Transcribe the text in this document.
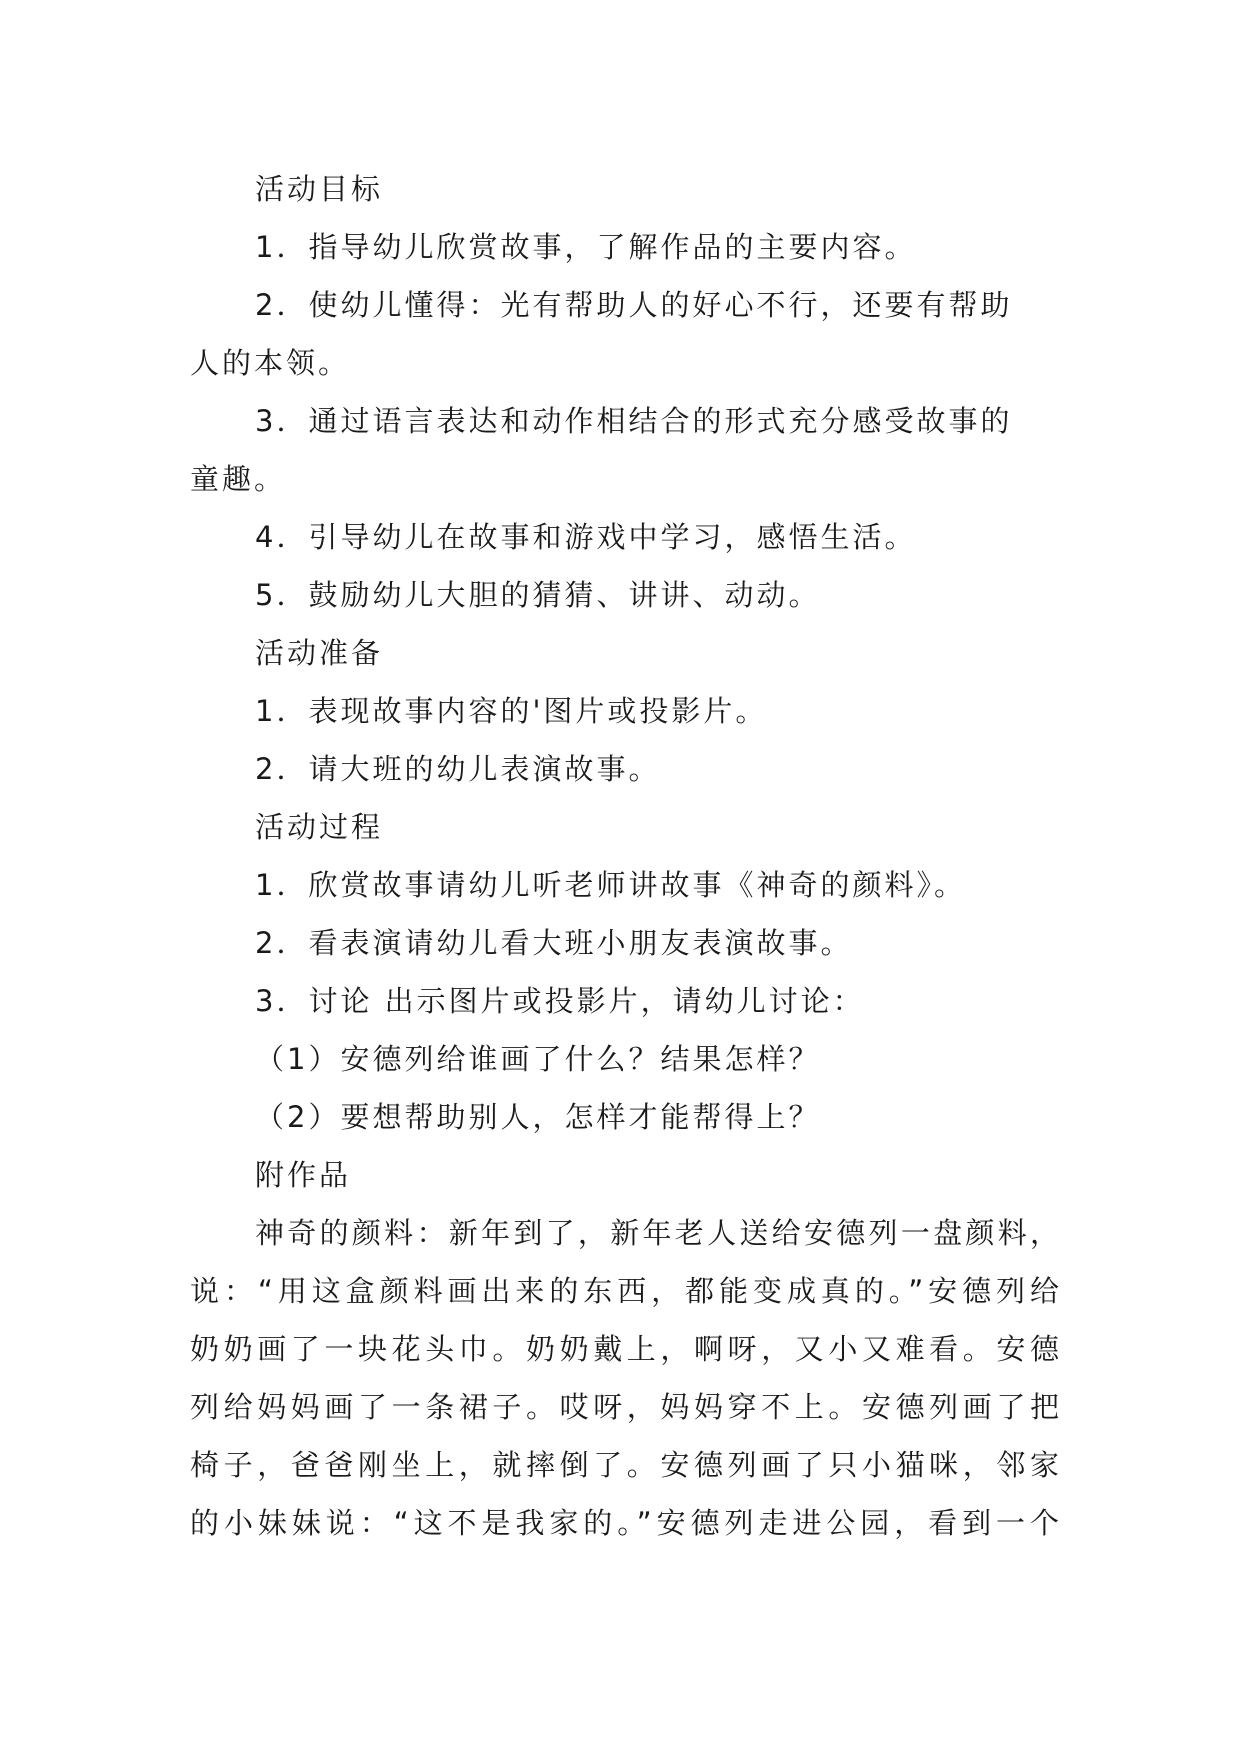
活动目标
1．指导幼儿欣赏故事，了解作品的主要内容。
2．使幼儿懂得：光有帮助人的好心不行，还要有帮助
人的本领。
3．通过语言表达和动作相结合的形式充分感受故事的
童趣。
4．引导幼儿在故事和游戏中学习，感悟生活。
5．鼓励幼儿大胆的猜猜、讲讲、动动。
活动准备
1．表现故事内容的'图片或投影片。
2．请大班的幼儿表演故事。
活动过程
1．欣赏故事请幼儿听老师讲故事《神奇的颜料》。
2．看表演请幼儿看大班小朋友表演故事。
3．讨论 出示图片或投影片，请幼儿讨论：
（1）安德列给谁画了什么？结果怎样？
（2）要想帮助别人，怎样才能帮得上？
附作品
神奇的颜料：新年到了，新年老人送给安德列一盘颜料，
说：“用这盒颜料画出来的东西，都能变成真的。”安德列给
奶奶画了一块花头巾。奶奶戴上，啊呀，又小又难看。安德
列给妈妈画了一条裙子。哎呀，妈妈穿不上。安德列画了把
椅子，爸爸刚坐上，就摔倒了。安德列画了只小猫咪，邻家
的小妹妹说：“这不是我家的。”安德列走进公园，看到一个
